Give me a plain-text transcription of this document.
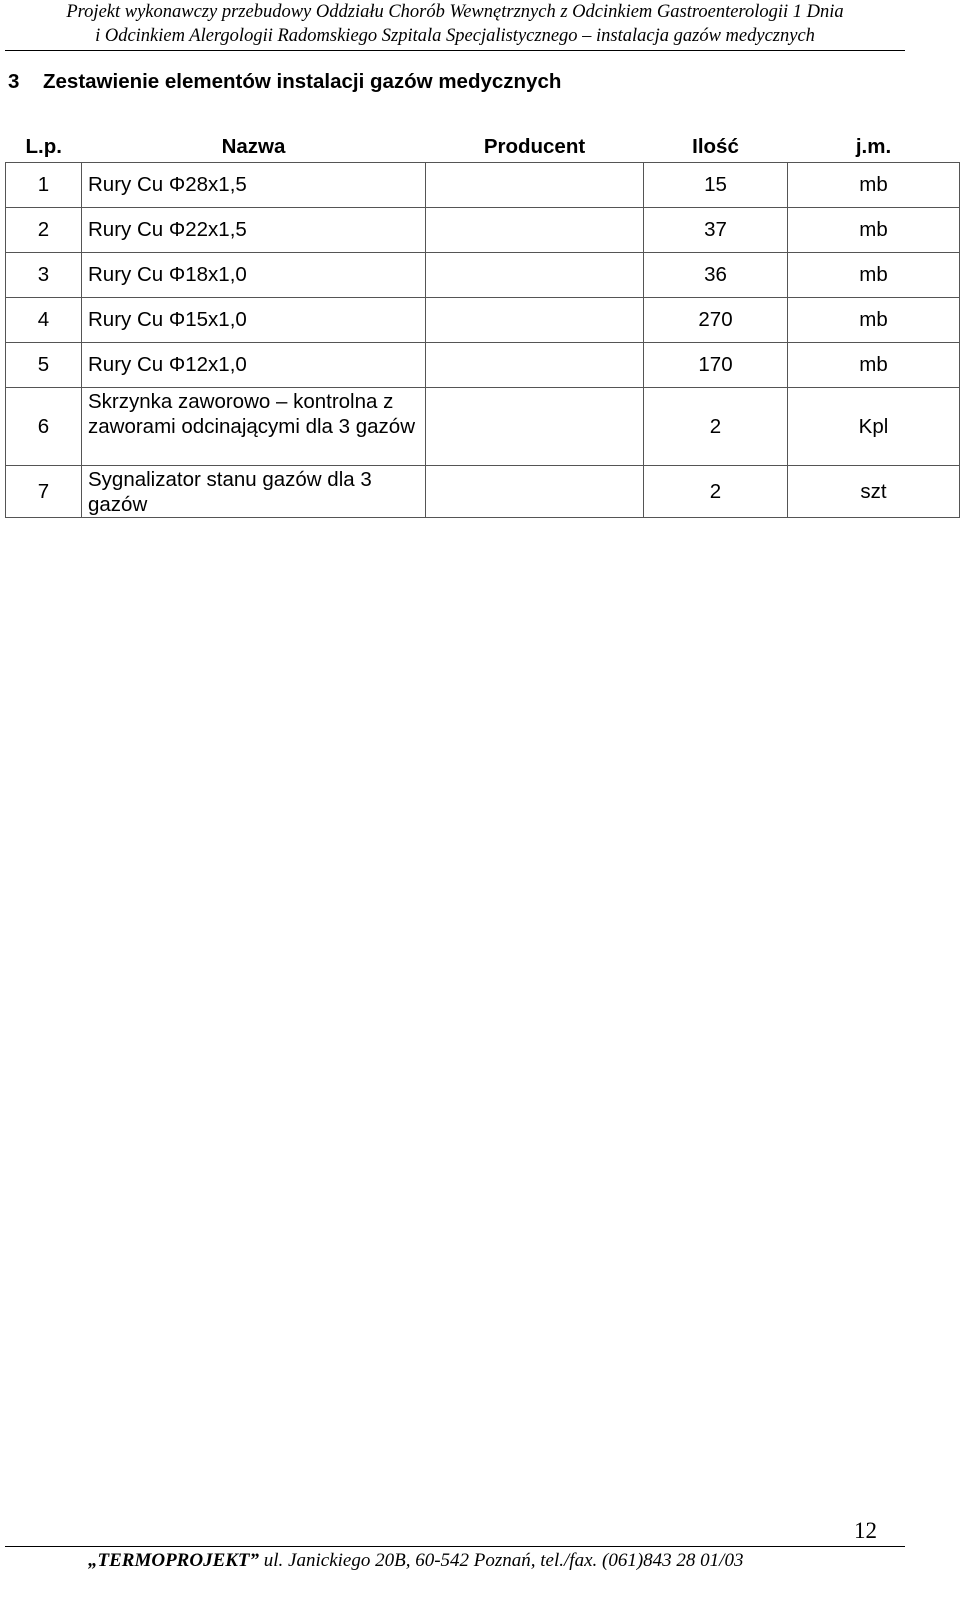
Projekt wykonawczy przebudowy Oddziału Chorób Wewnętrznych z Odcinkiem Gastroenterologii 1 Dnia
i Odcinkiem Alergologii Radomskiego Szpitala Specjalistycznego – instalacja gazów medycznych
3 Zestawienie elementów instalacji gazów medycznych
L.p.	Nazwa	Producent	Ilość	j.m.
1	Rury Cu Φ28x1,5		15	mb
2	Rury Cu Φ22x1,5		37	mb
3	Rury Cu Φ18x1,0		36	mb
4	Rury Cu Φ15x1,0		270	mb
5	Rury Cu Φ12x1,0		170	mb
6	Skrzynka zaworowo – kontrolna z zaworami odcinającymi dla 3 gazów		2	Kpl
7	Sygnalizator stanu gazów dla 3 gazów		2	szt
12
„TERMOPROJEKT” ul. Janickiego 20B, 60-542 Poznań, tel./fax. (061)843 28 01/03
